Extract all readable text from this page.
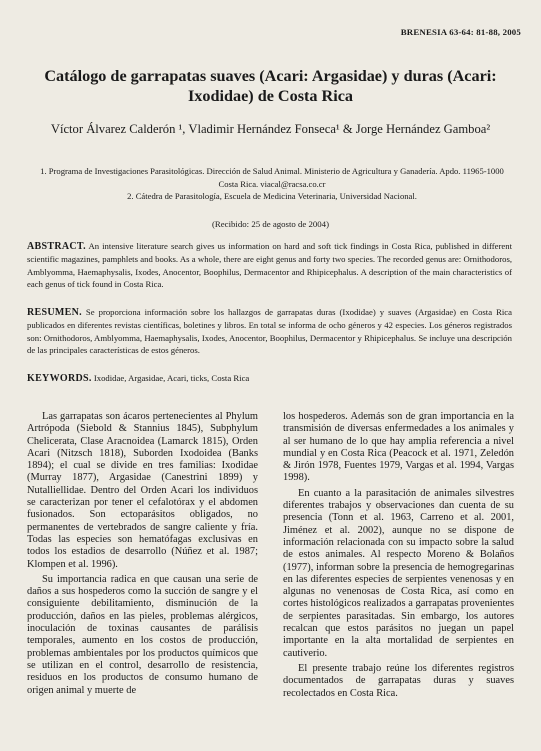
BRENESIA 63-64: 81-88, 2005
Catálogo de garrapatas suaves (Acari: Argasidae) y duras (Acari: Ixodidae) de Costa Rica
Víctor Álvarez Calderón ¹, Vladimir Hernández Fonseca¹ & Jorge Hernández Gamboa²
1. Programa de Investigaciones Parasitológicas. Dirección de Salud Animal. Ministerio de Agricultura y Ganadería. Apdo. 11965-1000 Costa Rica. viacal@racsa.co.cr
2. Cátedra de Parasitología, Escuela de Medicina Veterinaria, Universidad Nacional.
(Recibido: 25 de agosto de 2004)
ABSTRACT. An intensive literature search gives us information on hard and soft tick findings in Costa Rica, published in different scientific magazines, pamphlets and books. As a whole, there are eight genus and forty two species. The recorded genus are: Ornithodoros, Amblyomma, Haemaphysalis, Ixodes, Anocentor, Boophilus, Dermacentor and Rhipicephalus. A description of the main characteristics of each genus of tick found in Costa Rica.
RESUMEN. Se proporciona información sobre los hallazgos de garrapatas duras (Ixodidae) y suaves (Argasidae) en Costa Rica publicados en diferentes revistas científicas, boletines y libros. En total se informa de ocho géneros y 42 especies. Los géneros registrados son: Ornithodoros, Amblyomma, Haemaphysalis, Ixodes, Anocentor, Boophilus, Dermacentor y Rhipicephalus. Se incluye una descripción de las principales características de estos géneros.
KEYWORDS. Ixodidae, Argasidae, Acari, ticks, Costa Rica

Las garrapatas son ácaros pertenecientes al Phylum Artrópoda (Siebold & Stannius 1845), Subphylum Chelicerata, Clase Aracnoidea (Lamarck 1815), Orden Acari (Nitzsch 1818), Suborden Ixodoidea (Banks 1894); el cual se divide en tres familias: Ixodidae (Murray 1877), Argasidae (Canestrini 1899) y Nutalliellidae. Dentro del Orden Acari los individuos se caracterizan por tener el cefalotórax y el abdomen fusionados. Son ectoparásitos obligados, no permanentes de vertebrados de sangre caliente y fría. Todas las especies son hematófagas exclusivas en todos los estadios de desarrollo (Núñez et al. 1987; Klompen et al. 1996).

Su importancia radica en que causan una serie de daños a sus hospederos como la succión de sangre y el consiguiente debilitamiento, disminución de la producción, daños en las pieles, problemas alérgicos, inoculación de toxinas causantes de parálisis temporales, aumento en los costos de producción, problemas ambientales por los productos químicos que se utilizan en el control, desarrollo de resistencia, residuos en los productos de consumo humano de origen animal y muerte de

los hospederos. Además son de gran importancia en la transmisión de diversas enfermedades a los animales y al ser humano de lo que hay amplia referencia a nivel mundial y en Costa Rica (Peacock et al. 1971, Zeledón & Jirón 1978, Fuentes 1979, Vargas et al. 1994, Vargas 1998).

En cuanto a la parasitación de animales silvestres diferentes trabajos y observaciones dan cuenta de su presencia (Tonn et al. 1963, Carreno et al. 2001, Jiménez et al. 2002), aunque no se dispone de información relacionada con su impacto sobre la salud de estos animales. Al respecto Moreno & Bolaños (1977), informan sobre la presencia de hemogregarinas en las diferentes especies de serpientes venenosas y en algunas no venenosas de Costa Rica, así como en cortes histológicos realizados a garrapatas provenientes de serpientes parasitadas. Sin embargo, los autores recalcan que estos parásitos no juegan un papel importante en la alta mortalidad de serpientes en cautiverio.

El presente trabajo reúne los diferentes registros documentados de garrapatas duras y suaves recolectados en Costa Rica.
